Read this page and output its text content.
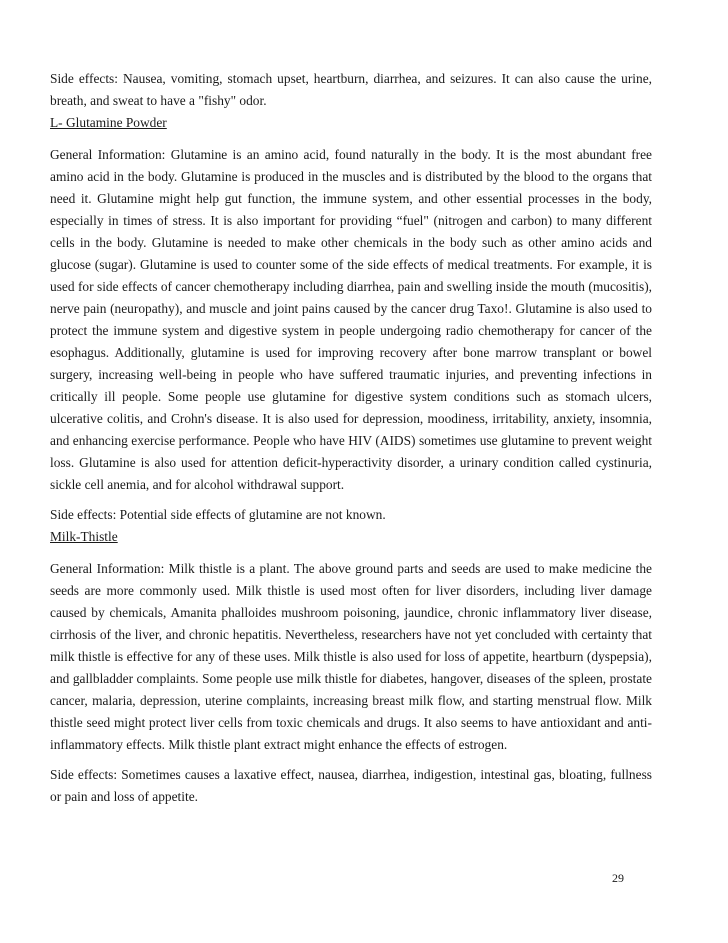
Side effects: Nausea, vomiting, stomach upset, heartburn, diarrhea, and seizures. It can also cause the urine, breath, and sweat to have a "fishy" odor.

L- Glutamine Powder

General Information: Glutamine is an amino acid, found naturally in the body. It is the most abundant free amino acid in the body. Glutamine is produced in the muscles and is distributed by the blood to the organs that need it. Glutamine might help gut function, the immune system, and other essential processes in the body, especially in times of stress. It is also important for providing “fuel" (nitrogen and carbon) to many different cells in the body. Glutamine is needed to make other chemicals in the body such as other amino acids and glucose (sugar). Glutamine is used to counter some of the side effects of medical treatments. For example, it is used for side effects of cancer chemotherapy including diarrhea, pain and swelling inside the mouth (mucositis), nerve pain (neuropathy), and muscle and joint pains caused by the cancer drug Taxo!. Glutamine is also used to protect the immune system and digestive system in people undergoing radio chemotherapy for cancer of the esophagus. Additionally, glutamine is used for improving recovery after bone marrow transplant or bowel surgery, increasing well-being in people who have suffered traumatic injuries, and preventing infections in critically ill people. Some people use glutamine for digestive system conditions such as stomach ulcers, ulcerative colitis, and Crohn's disease. It is also used for depression, moodiness, irritability, anxiety, insomnia, and enhancing exercise performance. People who have HIV (AIDS) sometimes use glutamine to prevent weight loss. Glutamine is also used for attention deficit-hyperactivity disorder, a urinary condition called cystinuria, sickle cell anemia, and for alcohol withdrawal support.

Side effects: Potential side effects of glutamine are not known.

Milk-Thistle

General Information: Milk thistle is a plant. The above ground parts and seeds are used to make medicine the seeds are more commonly used. Milk thistle is used most often for liver disorders, including liver damage caused by chemicals, Amanita phalloides mushroom poisoning, jaundice, chronic inflammatory liver disease, cirrhosis of the liver, and chronic hepatitis. Nevertheless, researchers have not yet concluded with certainty that milk thistle is effective for any of these uses. Milk thistle is also used for loss of appetite, heartburn (dyspepsia), and gallbladder complaints. Some people use milk thistle for diabetes, hangover, diseases of the spleen, prostate cancer, malaria, depression, uterine complaints, increasing breast milk flow, and starting menstrual flow. Milk thistle seed might protect liver cells from toxic chemicals and drugs. It also seems to have antioxidant and anti-inflammatory effects. Milk thistle plant extract might enhance the effects of estrogen.

Side effects: Sometimes causes a laxative effect, nausea, diarrhea, indigestion, intestinal gas, bloating, fullness or pain and loss of appetite.

29
